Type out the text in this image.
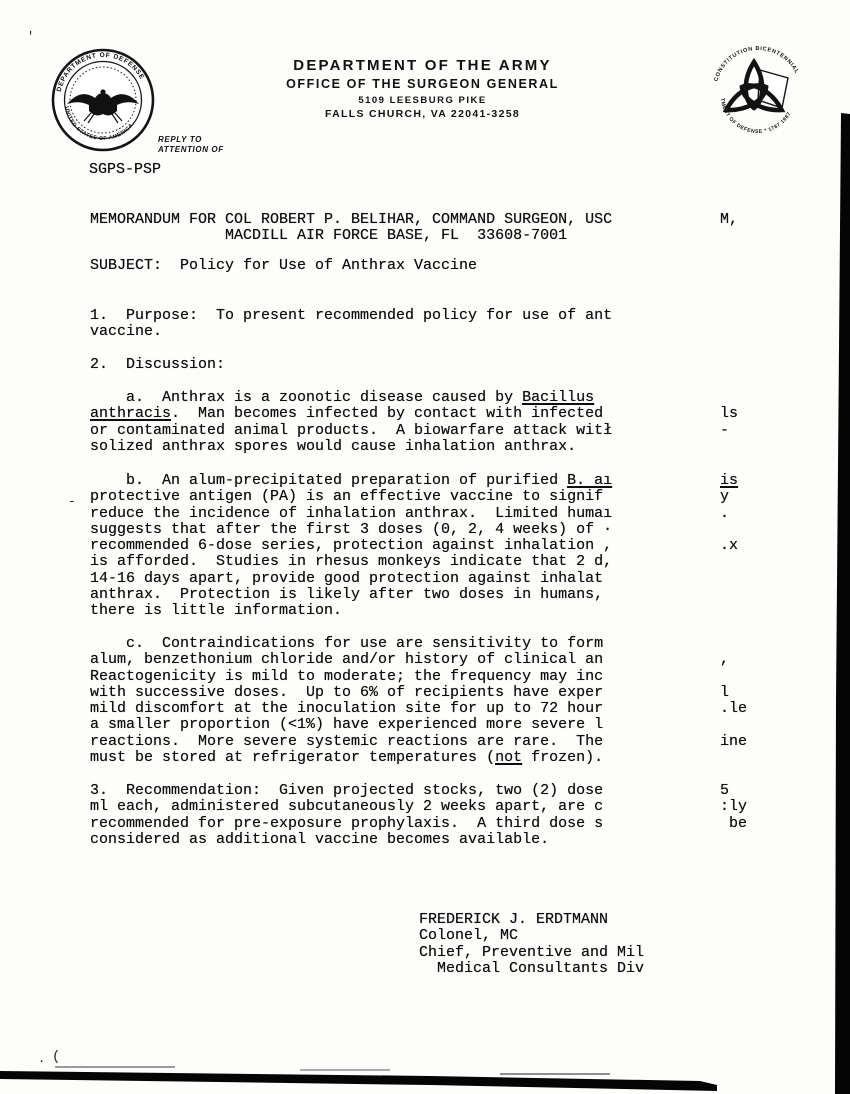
DEPARTMENT OF DEFENSE
UNITED STATES OF AMERICA
DEPARTMENT OF THE ARMY
OFFICE OF THE SURGEON GENERAL
5109 LEESBURG PIKE
FALLS CHURCH, VA 22041-3258
REPLY TO
ATTENTION OF
CONSTITUTION BICENTENNIAL
TMENT OF DEFENSE * 1787 1987
SGPS-PSP
MEMORANDUM FOR COL ROBERT P. BELIHAR, COMMAND SURGEON, USC	M,
MACDILL AIR FORCE BASE, FL  33608-7001
SUBJECT:  Policy for Use of Anthrax Vaccine
1.  Purpose:  To present recommended policy for use of ant
vaccine.
2.  Discussion:
a.  Anthrax is a zoonotic disease caused by Bacillus
anthracis.  Man becomes infected by contact with infected	ls
or contaminated animal products.  A biowarfare attack witł	-
solized anthrax spores would cause inhalation anthrax.
b.  An alum-precipitated preparation of purified B. aı	is
protective antigen (PA) is an effective vaccine to signif	y
reduce the incidence of inhalation anthrax.  Limited humaı	.
suggests that after the first 3 doses (0, 2, 4 weeks) of ·
recommended 6-dose series, protection against inhalation ,	.x
is afforded.  Studies in rhesus monkeys indicate that 2 d,
14-16 days apart, provide good protection against inhalat
anthrax.  Protection is likely after two doses in humans,
there is little information.
c.  Contraindications for use are sensitivity to form
alum, benzethonium chloride and/or history of clinical an	,
Reactogenicity is mild to moderate; the frequency may inc
with successive doses.  Up to 6% of recipients have exper	l
mild discomfort at the inoculation site for up to 72 hour	.le
a smaller proportion (<1%) have experienced more severe l
reactions.  More severe systemic reactions are rare.  The	ine
must be stored at refrigerator temperatures (not frozen).
3.  Recommendation:  Given projected stocks, two (2) dose	5
ml each, administered subcutaneously 2 weeks apart, are c	:ly
recommended for pre-exposure prophylaxis.  A third dose s	be
considered as additional vaccine becomes available.
FREDERICK J. ERDTMANN
Colonel, MC
Chief, Preventive and Mil
Medical Consultants Div
'
-
. (
